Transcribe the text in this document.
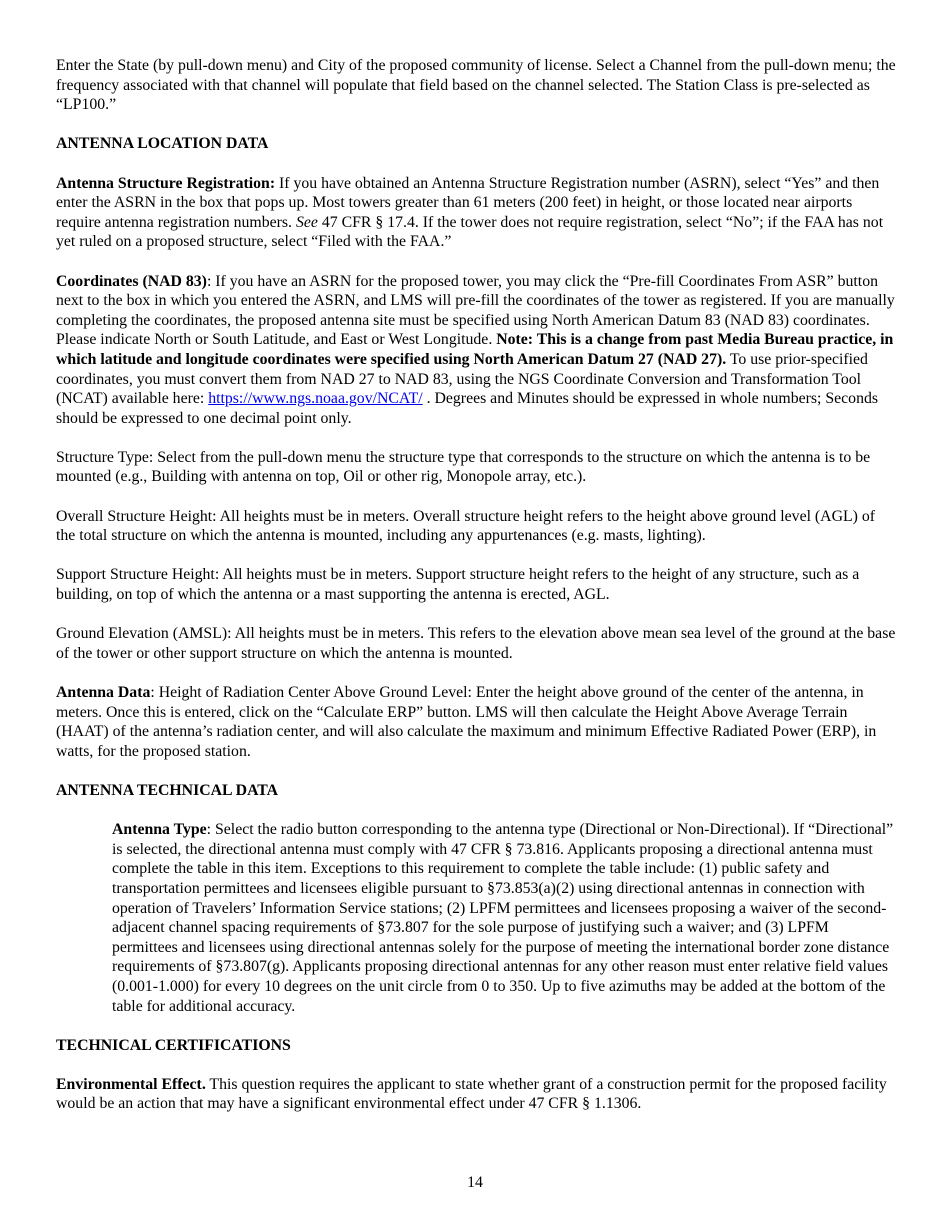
Enter the State (by pull-down menu) and City of the proposed community of license. Select a Channel from the pull-down menu; the frequency associated with that channel will populate that field based on the channel selected. The Station Class is pre-selected as “LP100.”

ANTENNA LOCATION DATA

Antenna Structure Registration: If you have obtained an Antenna Structure Registration number (ASRN), select “Yes” and then enter the ASRN in the box that pops up. Most towers greater than 61 meters (200 feet) in height, or those located near airports require antenna registration numbers. See 47 CFR § 17.4. If the tower does not require registration, select “No”; if the FAA has not yet ruled on a proposed structure, select “Filed with the FAA.”

Coordinates (NAD 83): If you have an ASRN for the proposed tower, you may click the “Pre-fill Coordinates From ASR” button next to the box in which you entered the ASRN, and LMS will pre-fill the coordinates of the tower as registered. If you are manually completing the coordinates, the proposed antenna site must be specified using North American Datum 83 (NAD 83) coordinates. Please indicate North or South Latitude, and East or West Longitude. Note: This is a change from past Media Bureau practice, in which latitude and longitude coordinates were specified using North American Datum 27 (NAD 27). To use prior-specified coordinates, you must convert them from NAD 27 to NAD 83, using the NGS Coordinate Conversion and Transformation Tool (NCAT) available here: https://www.ngs.noaa.gov/NCAT/ . Degrees and Minutes should be expressed in whole numbers; Seconds should be expressed to one decimal point only.

Structure Type: Select from the pull-down menu the structure type that corresponds to the structure on which the antenna is to be mounted (e.g., Building with antenna on top, Oil or other rig, Monopole array, etc.).

Overall Structure Height: All heights must be in meters. Overall structure height refers to the height above ground level (AGL) of the total structure on which the antenna is mounted, including any appurtenances (e.g. masts, lighting).

Support Structure Height: All heights must be in meters. Support structure height refers to the height of any structure, such as a building, on top of which the antenna or a mast supporting the antenna is erected, AGL.

Ground Elevation (AMSL): All heights must be in meters. This refers to the elevation above mean sea level of the ground at the base of the tower or other support structure on which the antenna is mounted.

Antenna Data: Height of Radiation Center Above Ground Level: Enter the height above ground of the center of the antenna, in meters. Once this is entered, click on the “Calculate ERP” button. LMS will then calculate the Height Above Average Terrain (HAAT) of the antenna’s radiation center, and will also calculate the maximum and minimum Effective Radiated Power (ERP), in watts, for the proposed station.

ANTENNA TECHNICAL DATA

Antenna Type: Select the radio button corresponding to the antenna type (Directional or Non-Directional). If “Directional” is selected, the directional antenna must comply with 47 CFR § 73.816. Applicants proposing a directional antenna must complete the table in this item. Exceptions to this requirement to complete the table include: (1) public safety and transportation permittees and licensees eligible pursuant to §73.853(a)(2) using directional antennas in connection with operation of Travelers’ Information Service stations; (2) LPFM permittees and licensees proposing a waiver of the second-adjacent channel spacing requirements of §73.807 for the sole purpose of justifying such a waiver; and (3) LPFM permittees and licensees using directional antennas solely for the purpose of meeting the international border zone distance requirements of §73.807(g). Applicants proposing directional antennas for any other reason must enter relative field values (0.001-1.000) for every 10 degrees on the unit circle from 0 to 350. Up to five azimuths may be added at the bottom of the table for additional accuracy.

TECHNICAL CERTIFICATIONS

Environmental Effect. This question requires the applicant to state whether grant of a construction permit for the proposed facility would be an action that may have a significant environmental effect under 47 CFR § 1.1306.

14
